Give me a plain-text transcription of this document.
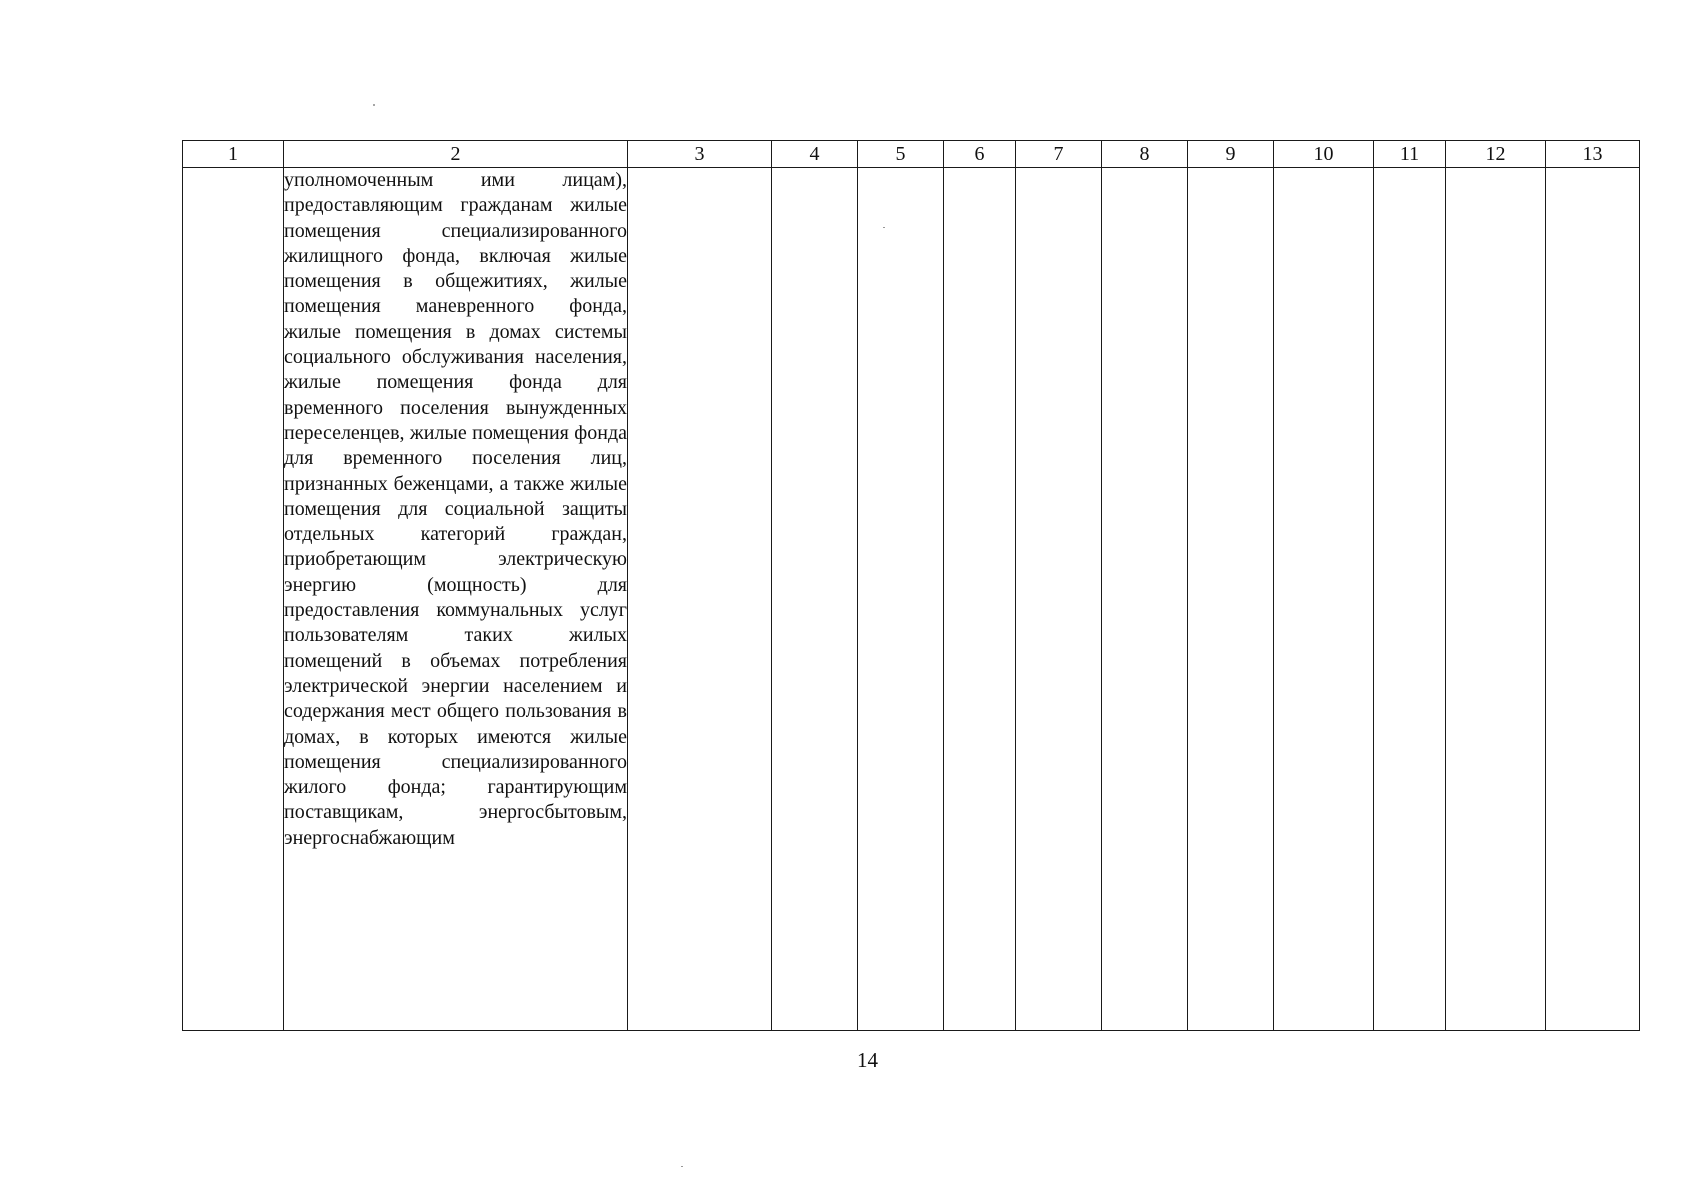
1	2	3	4	5	6	7	8	9	10	11	12	13

	уполномоченным ими лицам), предоставляющим гражданам жилые помещения специализированного жилищного фонда, включая жилые помещения в общежитиях, жилые помещения маневренного фонда, жилые помещения в домах системы социального обслуживания населения, жилые помещения фонда для временного поселения вынужденных переселенцев, жилые помещения фонда для временного поселения лиц, признанных беженцами, а также жилые помещения для социальной защиты отдельных категорий граждан, приобретающим электрическую энергию (мощность) для предоставления коммунальных услуг пользователям таких жилых помещений в объемах потребления электрической энергии населением и содержания мест общего пользования в домах, в которых имеются жилые помещения специализированного жилого фонда; гарантирующим поставщикам, энергосбытовым, энергоснабжающим											

14
